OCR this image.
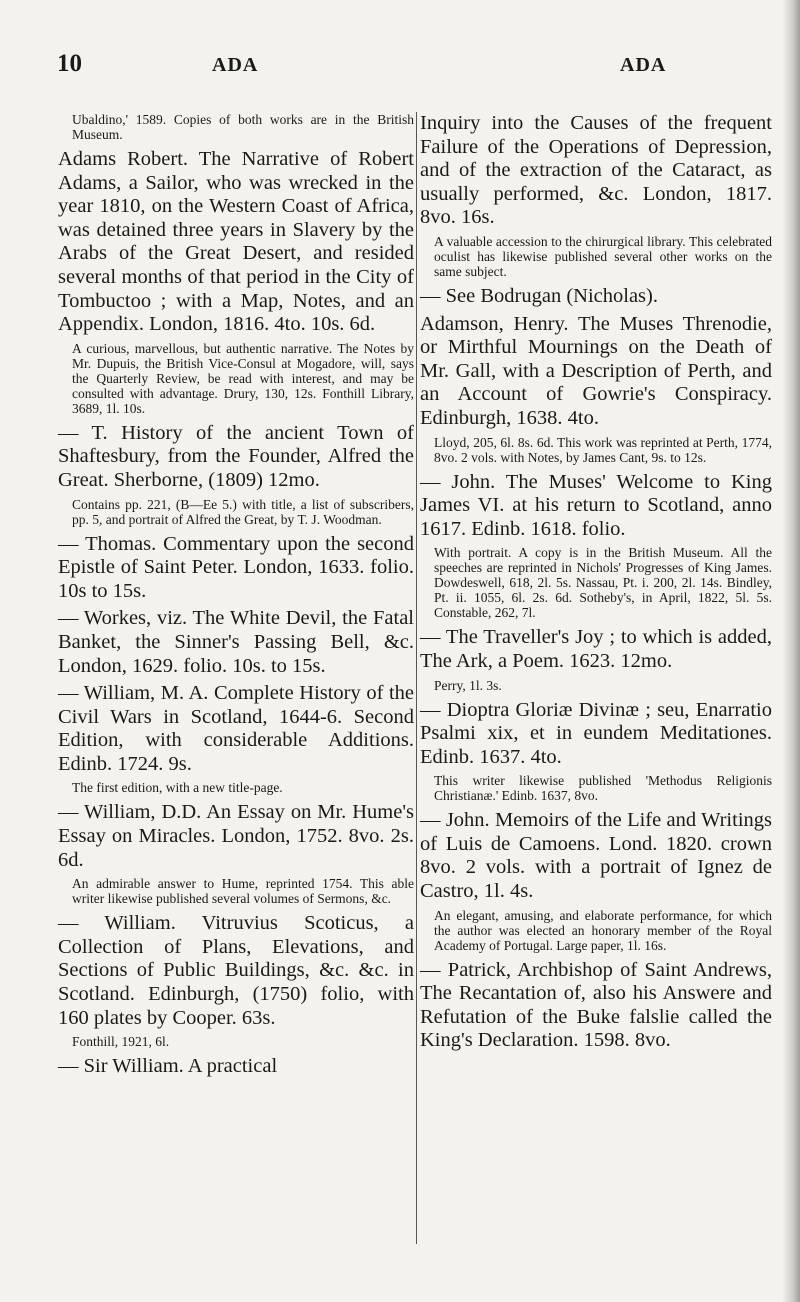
10	ADA	ADA

Ubaldino,' 1589. Copies of both works are in the British Museum.

Adams Robert. The Narrative of Robert Adams, a Sailor, who was wrecked in the year 1810, on the Western Coast of Africa, was detained three years in Slavery by the Arabs of the Great Desert, and resided several months of that period in the City of Tombuctoo ; with a Map, Notes, and an Appendix. London, 1816. 4to. 10s. 6d.

A curious, marvellous, but authentic narrative. The Notes by Mr. Dupuis, the British Vice-Consul at Mogadore, will, says the Quarterly Review, be read with interest, and may be consulted with advantage. Drury, 130, 12s. Fonthill Library, 3689, 1l. 10s.

— T. History of the ancient Town of Shaftesbury, from the Founder, Alfred the Great. Sherborne, (1809) 12mo.

Contains pp. 221, (B—Ee 5.) with title, a list of subscribers, pp. 5, and portrait of Alfred the Great, by T. J. Woodman.

— Thomas. Commentary upon the second Epistle of Saint Peter. London, 1633. folio. 10s to 15s.

— Workes, viz. The White Devil, the Fatal Banket, the Sinner's Passing Bell, &c. London, 1629. folio. 10s. to 15s.

— William, M. A. Complete History of the Civil Wars in Scotland, 1644-6. Second Edition, with considerable Additions. Edinb. 1724. 9s.

The first edition, with a new title-page.

— William, D.D. An Essay on Mr. Hume's Essay on Miracles. London, 1752. 8vo. 2s. 6d.

An admirable answer to Hume, reprinted 1754. This able writer likewise published several volumes of Sermons, &c.

— William. Vitruvius Scoticus, a Collection of Plans, Elevations, and Sections of Public Buildings, &c. &c. in Scotland. Edinburgh, (1750) folio, with 160 plates by Cooper. 63s.

Fonthill, 1921, 6l.

— Sir William. A practical

Inquiry into the Causes of the frequent Failure of the Operations of Depression, and of the extraction of the Cataract, as usually performed, &c. London, 1817. 8vo. 16s.

A valuable accession to the chirurgical library. This celebrated oculist has likewise published several other works on the same subject.

— See Bodrugan (Nicholas).

Adamson, Henry. The Muses Threnodie, or Mirthful Mournings on the Death of Mr. Gall, with a Description of Perth, and an Account of Gowrie's Conspiracy. Edinburgh, 1638. 4to.

Lloyd, 205, 6l. 8s. 6d. This work was reprinted at Perth, 1774, 8vo. 2 vols. with Notes, by James Cant, 9s. to 12s.

— John. The Muses' Welcome to King James VI. at his return to Scotland, anno 1617. Edinb. 1618. folio.

With portrait. A copy is in the British Museum. All the speeches are reprinted in Nichols' Progresses of King James. Dowdeswell, 618, 2l. 5s. Nassau, Pt. i. 200, 2l. 14s. Bindley, Pt. ii. 1055, 6l. 2s. 6d. Sotheby's, in April, 1822, 5l. 5s. Constable, 262, 7l.

— The Traveller's Joy ; to which is added, The Ark, a Poem. 1623. 12mo.

Perry, 1l. 3s.

— Dioptra Gloriæ Divinæ ; seu, Enarratio Psalmi xix, et in eundem Meditationes. Edinb. 1637. 4to.

This writer likewise published 'Methodus Religionis Christianæ.' Edinb. 1637, 8vo.

— John. Memoirs of the Life and Writings of Luis de Camoens. Lond. 1820. crown 8vo. 2 vols. with a portrait of Ignez de Castro, 1l. 4s.

An elegant, amusing, and elaborate performance, for which the author was elected an honorary member of the Royal Academy of Portugal. Large paper, 1l. 16s.

— Patrick, Archbishop of Saint Andrews, The Recantation of, also his Answere and Refutation of the Buke falslie called the King's Declaration. 1598. 8vo.
